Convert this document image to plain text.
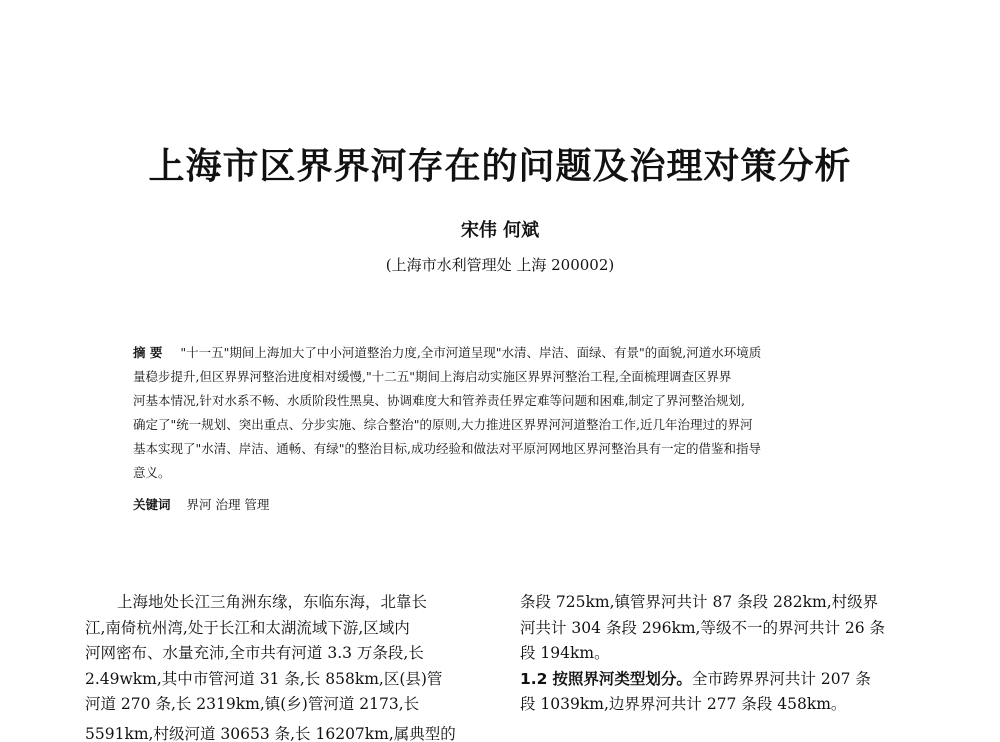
上海市区界界河存在的问题及治理对策分析
宋伟 何斌
(上海市水利管理处 上海 200002)
摘 要 "十一五"期间上海加大了中小河道整治力度,全市河道呈现"水清、岸洁、面绿、有景"的面貌,河道水环境质
量稳步提升,但区界界河整治进度相对缓慢,"十二五"期间上海启动实施区界界河整治工程,全面梳理调查区界界
河基本情况,针对水系不畅、水质阶段性黑臭、协调难度大和管养责任界定难等问题和困难,制定了界河整治规划,
确定了"统一规划、突出重点、分步实施、综合整治"的原则,大力推进区界界河河道整治工作,近几年治理过的界河
基本实现了"水清、岸洁、通畅、有绿"的整治目标,成功经验和做法对平原河网地区界河整治具有一定的借鉴和指导
意义。
关键词 界河 治理 管理
上海地处长江三角洲东缘，东临东海，北靠长
江,南倚杭州湾,处于长江和太湖流域下游,区域内
河网密布、水量充沛,全市共有河道 3.3 万条段,长
2.49wkm,其中市管河道 31 条,长 858km,区(县)管
河道 270 条,长 2319km,镇(乡)管河道 2173,长
5591km,村级河道 30653 条,长 16207km,属典型的
条段 725km,镇管界河共计 87 条段 282km,村级界
河共计 304 条段 296km,等级不一的界河共计 26 条
段 194km。
1.2 按照界河类型划分。全市跨界界河共计 207 条
段 1039km,边界界河共计 277 条段 458km。
